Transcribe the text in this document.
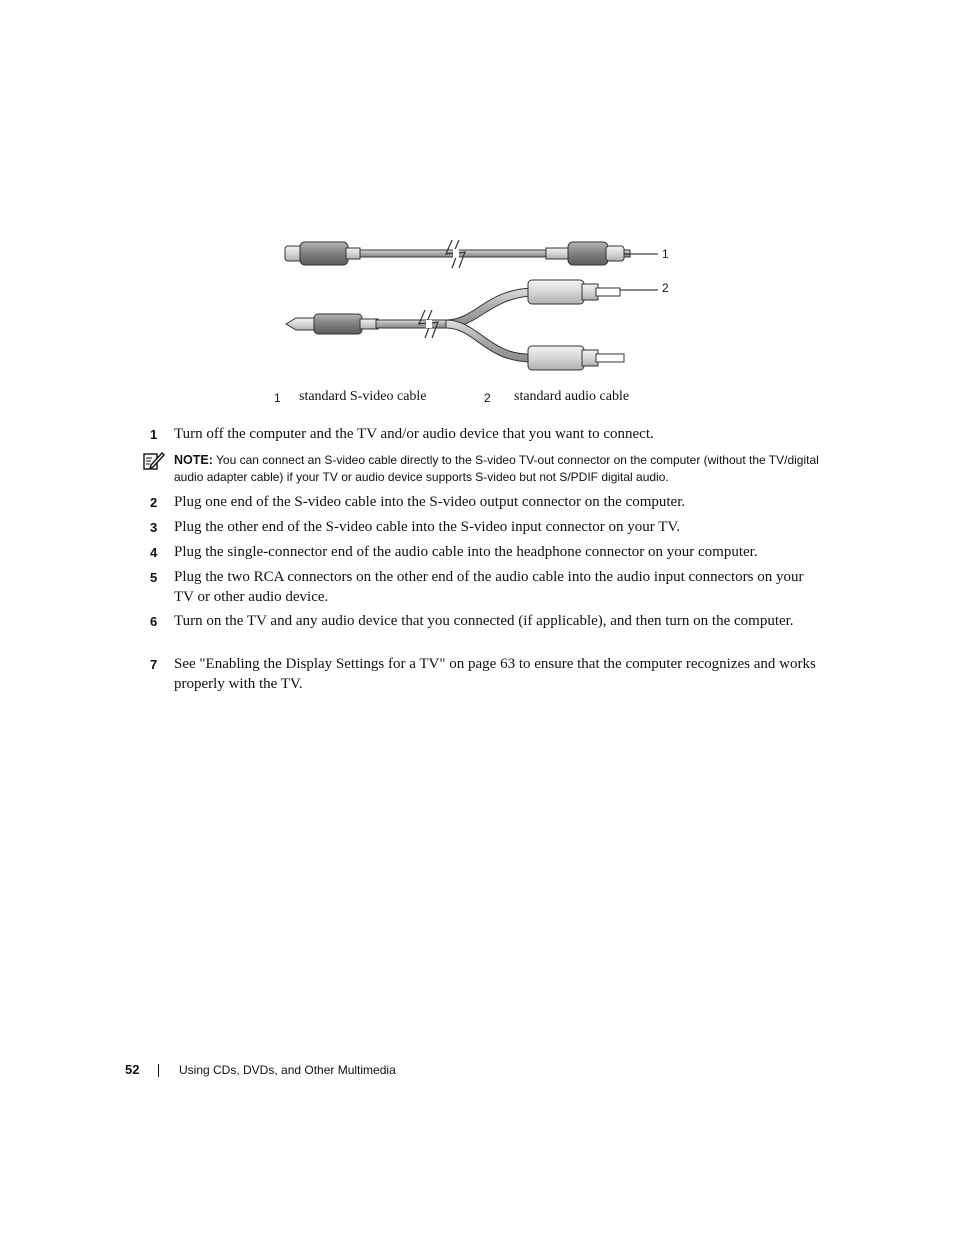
1
2
1 standard S-video cable	2 standard audio cable
1 Turn off the computer and the TV and/or audio device that you want to connect.
NOTE: You can connect an S-video cable directly to the S-video TV-out connector on the computer (without the TV/digital audio adapter cable) if your TV or audio device supports S-video but not S/PDIF digital audio.
2 Plug one end of the S-video cable into the S-video output connector on the computer.
3 Plug the other end of the S-video cable into the S-video input connector on your TV.
4 Plug the single-connector end of the audio cable into the headphone connector on your computer.
5 Plug the two RCA connectors on the other end of the audio cable into the audio input connectors on your TV or other audio device.
6 Turn on the TV and any audio device that you connected (if applicable), and then turn on the computer.
7 See "Enabling the Display Settings for a TV" on page 63 to ensure that the computer recognizes and works properly with the TV.
52	Using CDs, DVDs, and Other Multimedia
